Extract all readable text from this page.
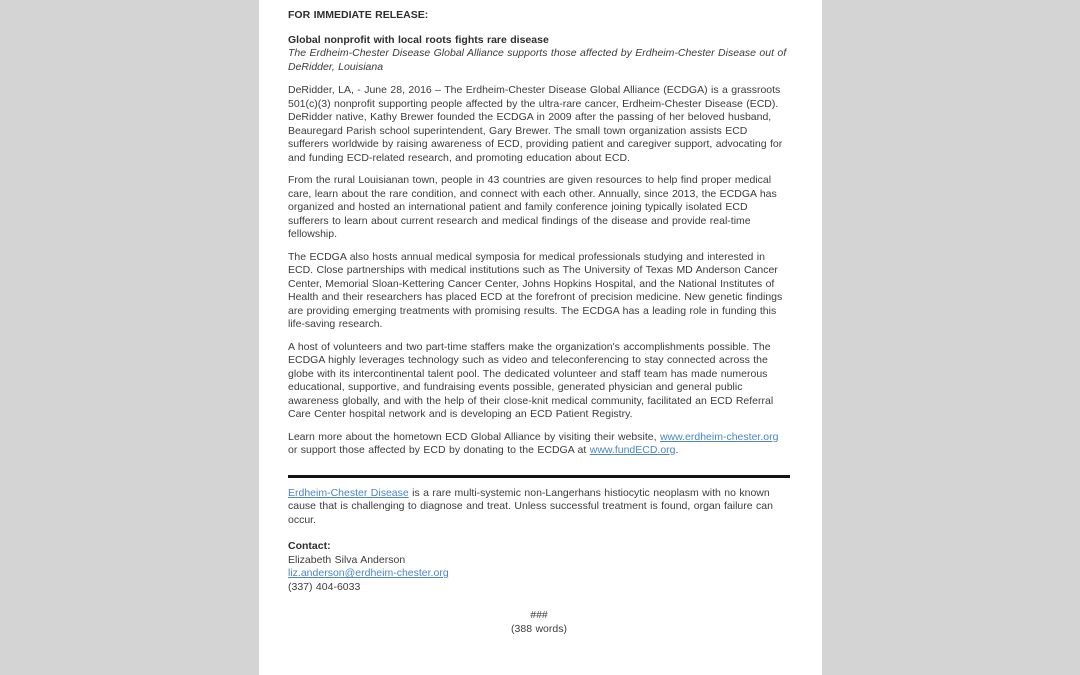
FOR IMMEDIATE RELEASE:

Global nonprofit with local roots fights rare disease

The Erdheim-Chester Disease Global Alliance supports those affected by Erdheim-Chester Disease out of DeRidder, Louisiana

DeRidder, LA, - June 28, 2016 – The Erdheim-Chester Disease Global Alliance (ECDGA) is a grassroots 501(c)(3) nonprofit supporting people affected by the ultra-rare cancer, Erdheim-Chester Disease (ECD). DeRidder native, Kathy Brewer founded the ECDGA in 2009 after the passing of her beloved husband, Beauregard Parish school superintendent, Gary Brewer. The small town organization assists ECD sufferers worldwide by raising awareness of ECD, providing patient and caregiver support, advocating for and funding ECD-related research, and promoting education about ECD.

From the rural Louisianan town, people in 43 countries are given resources to help find proper medical care, learn about the rare condition, and connect with each other. Annually, since 2013, the ECDGA has organized and hosted an international patient and family conference joining typically isolated ECD sufferers to learn about current research and medical findings of the disease and provide real-time fellowship.

The ECDGA also hosts annual medical symposia for medical professionals studying and interested in ECD. Close partnerships with medical institutions such as The University of Texas MD Anderson Cancer Center, Memorial Sloan-Kettering Cancer Center, Johns Hopkins Hospital, and the National Institutes of Health and their researchers has placed ECD at the forefront of precision medicine. New genetic findings are providing emerging treatments with promising results. The ECDGA has a leading role in funding this life-saving research.

A host of volunteers and two part-time staffers make the organization's accomplishments possible. The ECDGA highly leverages technology such as video and teleconferencing to stay connected across the globe with its intercontinental talent pool. The dedicated volunteer and staff team has made numerous educational, supportive, and fundraising events possible, generated physician and general public awareness globally, and with the help of their close-knit medical community, facilitated an ECD Referral Care Center hospital network and is developing an ECD Patient Registry.

Learn more about the hometown ECD Global Alliance by visiting their website, www.erdheim-chester.org or support those affected by ECD by donating to the ECDGA at www.fundECD.org.

Erdheim-Chester Disease is a rare multi-systemic non-Langerhans histiocytic neoplasm with no known cause that is challenging to diagnose and treat. Unless successful treatment is found, organ failure can occur.

Contact:

Elizabeth Silva Anderson

liz.anderson@erdheim-chester.org

(337) 404-6033

###

(388 words)
